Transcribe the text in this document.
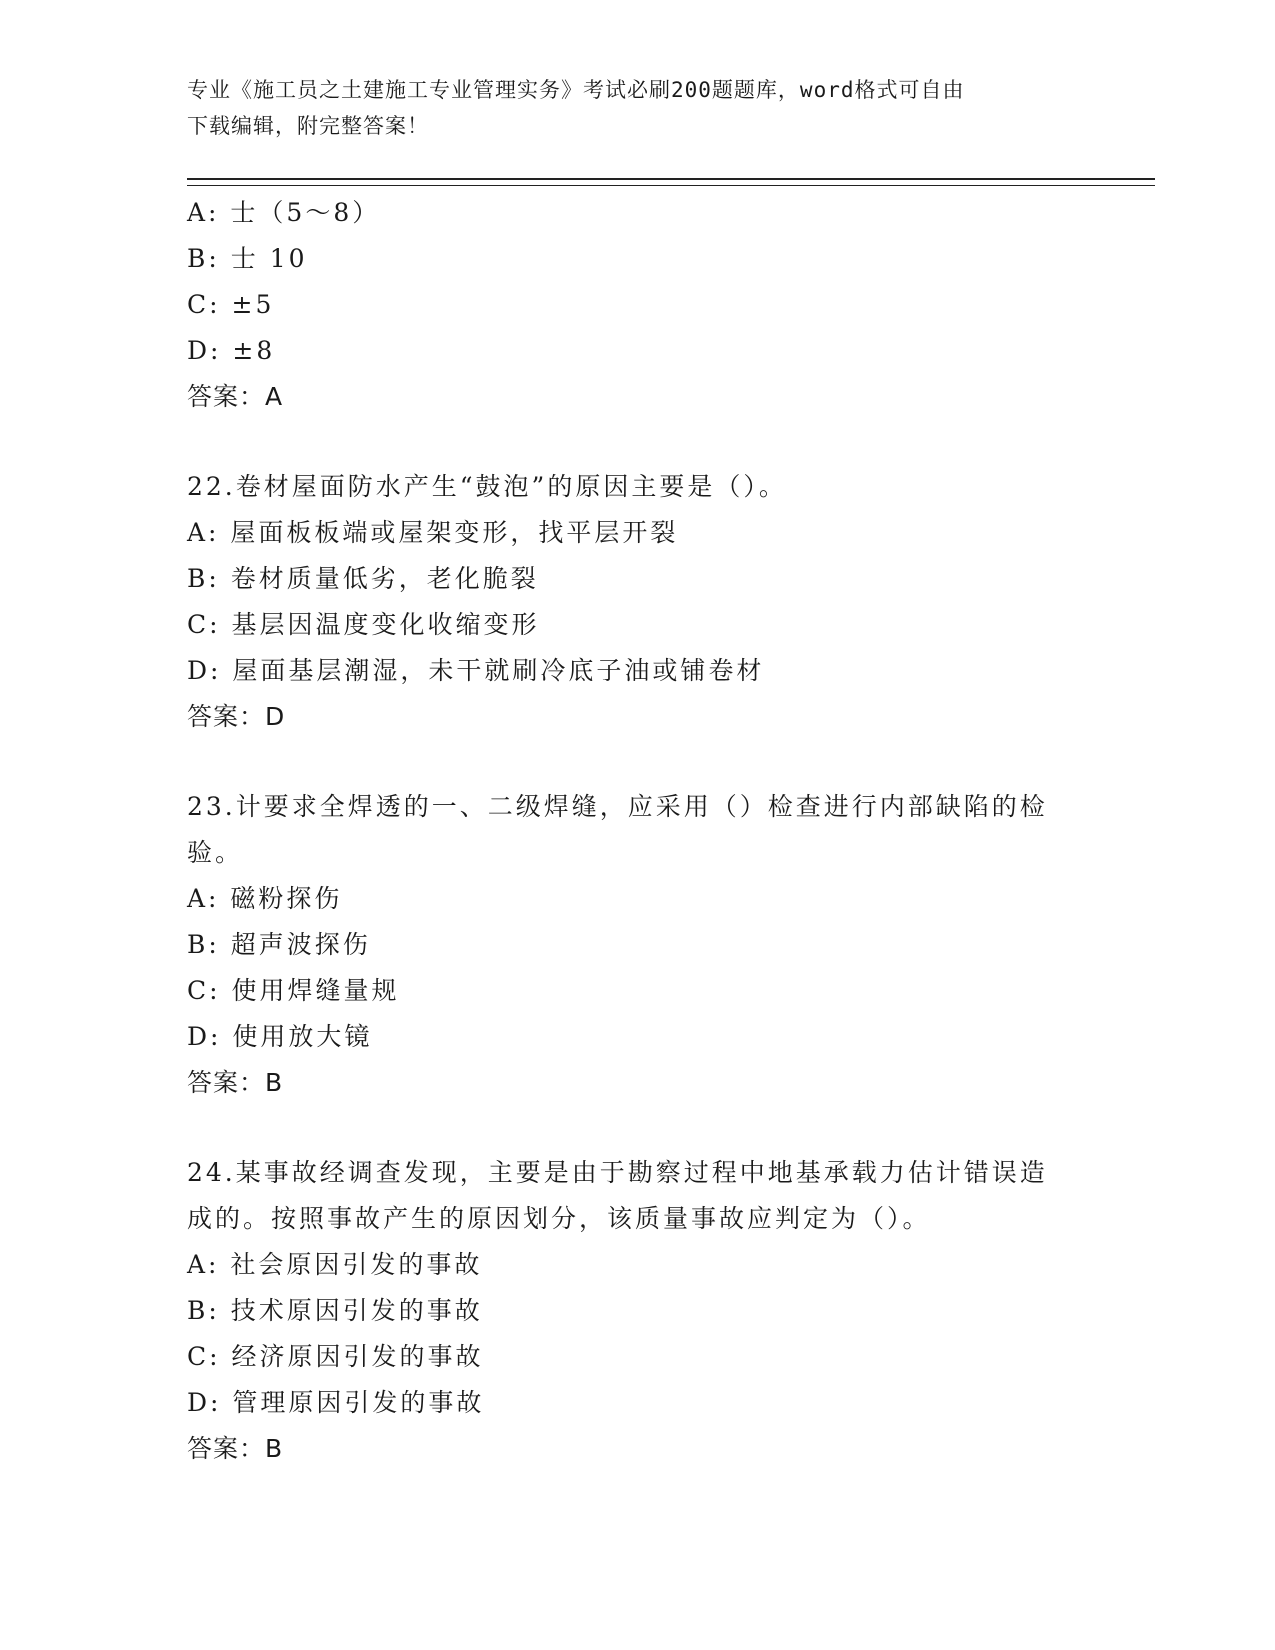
专业《施工员之土建施工专业管理实务》考试必刷200题题库，word格式可自由
下载编辑，附完整答案！
A: 士（5～8）
B: 士 10
C: ±5
D: ±8
答案：A
22.卷材屋面防水产生“鼓泡”的原因主要是（）。
A: 屋面板板端或屋架变形，找平层开裂
B: 卷材质量低劣，老化脆裂
C: 基层因温度变化收缩变形
D: 屋面基层潮湿，未干就刷冷底子油或铺卷材
答案：D
23.计要求全焊透的一、二级焊缝，应采用（）检查进行内部缺陷的检
验。
A: 磁粉探伤
B: 超声波探伤
C: 使用焊缝量规
D: 使用放大镜
答案：B
24.某事故经调查发现，主要是由于勘察过程中地基承载力估计错误造
成的。按照事故产生的原因划分，该质量事故应判定为（）。
A: 社会原因引发的事故
B: 技术原因引发的事故
C: 经济原因引发的事故
D: 管理原因引发的事故
答案：B
